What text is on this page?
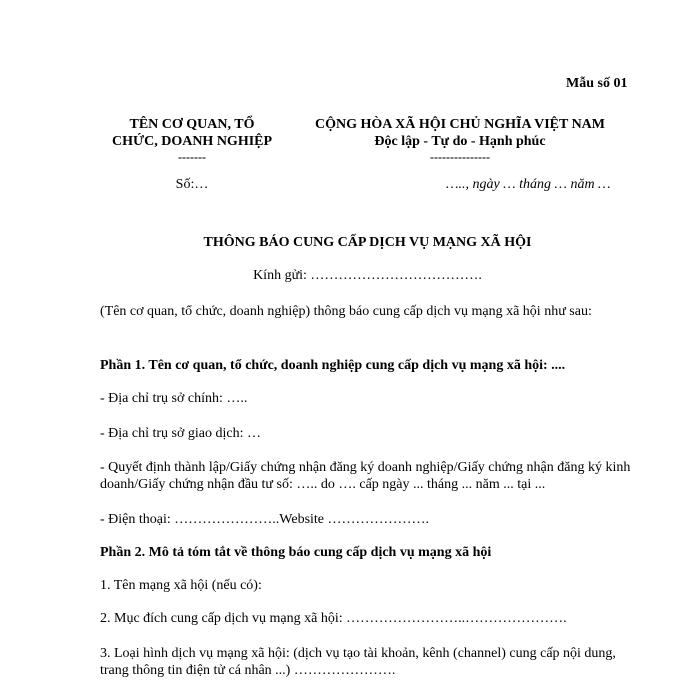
Mẫu số 01
TÊN CƠ QUAN, TỔ
CHỨC, DOANH NGHIỆP
-------
CỘNG HÒA XÃ HỘI CHỦ NGHĨA VIỆT NAM
Độc lập - Tự do - Hạnh phúc
---------------
Số:…	….., ngày … tháng … năm …
THÔNG BÁO CUNG CẤP DỊCH VỤ MẠNG XÃ HỘI
Kính gửi: ……………………………….
(Tên cơ quan, tổ chức, doanh nghiệp) thông báo cung cấp dịch vụ mạng xã hội như sau:
Phần 1. Tên cơ quan, tổ chức, doanh nghiệp cung cấp dịch vụ mạng xã hội: ....
- Địa chỉ trụ sở chính: …..
- Địa chỉ trụ sở giao dịch: …
- Quyết định thành lập/Giấy chứng nhận đăng ký doanh nghiệp/Giấy chứng nhận đăng ký kinh doanh/Giấy chứng nhận đầu tư số: ….. do …. cấp ngày ... tháng ... năm ... tại ...
- Điện thoại: …………………..Website ………………….
Phần 2. Mô tả tóm tắt về thông báo cung cấp dịch vụ mạng xã hội
1. Tên mạng xã hội (nếu có):
2. Mục đích cung cấp dịch vụ mạng xã hội: ……………………..………………….
3. Loại hình dịch vụ mạng xã hội: (dịch vụ tạo tài khoản, kênh (channel) cung cấp nội dung, trang thông tin điện tử cá nhân ...) ………………….
